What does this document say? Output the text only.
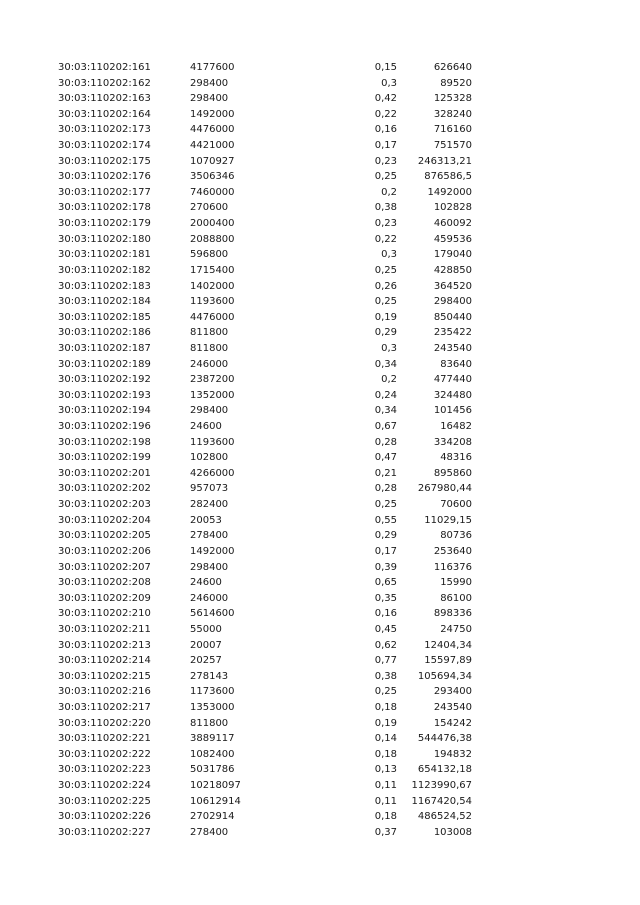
30:03:110202:161	4177600	0,15	626640
30:03:110202:162	298400	0,3	89520
30:03:110202:163	298400	0,42	125328
30:03:110202:164	1492000	0,22	328240
30:03:110202:173	4476000	0,16	716160
30:03:110202:174	4421000	0,17	751570
30:03:110202:175	1070927	0,23 246313,21
30:03:110202:176	3506346	0,25	876586,5
30:03:110202:177	7460000	0,2	1492000
30:03:110202:178	270600	0,38	102828
30:03:110202:179	2000400	0,23	460092
30:03:110202:180	2088800	0,22	459536
30:03:110202:181	596800	0,3	179040
30:03:110202:182	1715400	0,25	428850
30:03:110202:183	1402000	0,26	364520
30:03:110202:184	1193600	0,25	298400
30:03:110202:185	4476000	0,19	850440
30:03:110202:186	811800	0,29	235422
30:03:110202:187	811800	0,3	243540
30:03:110202:189	246000	0,34	83640
30:03:110202:192	2387200	0,2	477440
30:03:110202:193	1352000	0,24	324480
30:03:110202:194	298400	0,34	101456
30:03:110202:196	24600	0,67	16482
30:03:110202:198	1193600	0,28	334208
30:03:110202:199	102800	0,47	48316
30:03:110202:201	4266000	0,21	895860
30:03:110202:202	957073	0,28 267980,44
30:03:110202:203	282400	0,25	70600
30:03:110202:204	20053	0,55	11029,15
30:03:110202:205	278400	0,29	80736
30:03:110202:206	1492000	0,17	253640
30:03:110202:207	298400	0,39	116376
30:03:110202:208	24600	0,65	15990
30:03:110202:209	246000	0,35	86100
30:03:110202:210	5614600	0,16	898336
30:03:110202:211	55000	0,45	24750
30:03:110202:213	20007	0,62	12404,34
30:03:110202:214	20257	0,77	15597,89
30:03:110202:215	278143	0,38 105694,34
30:03:110202:216	1173600	0,25	293400
30:03:110202:217	1353000	0,18	243540
30:03:110202:220	811800	0,19	154242
30:03:110202:221	3889117	0,14 544476,38
30:03:110202:222	1082400	0,18	194832
30:03:110202:223	5031786	0,13 654132,18
30:03:110202:224	10218097	0,11 1123990,67
30:03:110202:225	10612914	0,11 1167420,54
30:03:110202:226	2702914	0,18 486524,52
30:03:110202:227	278400	0,37	103008
